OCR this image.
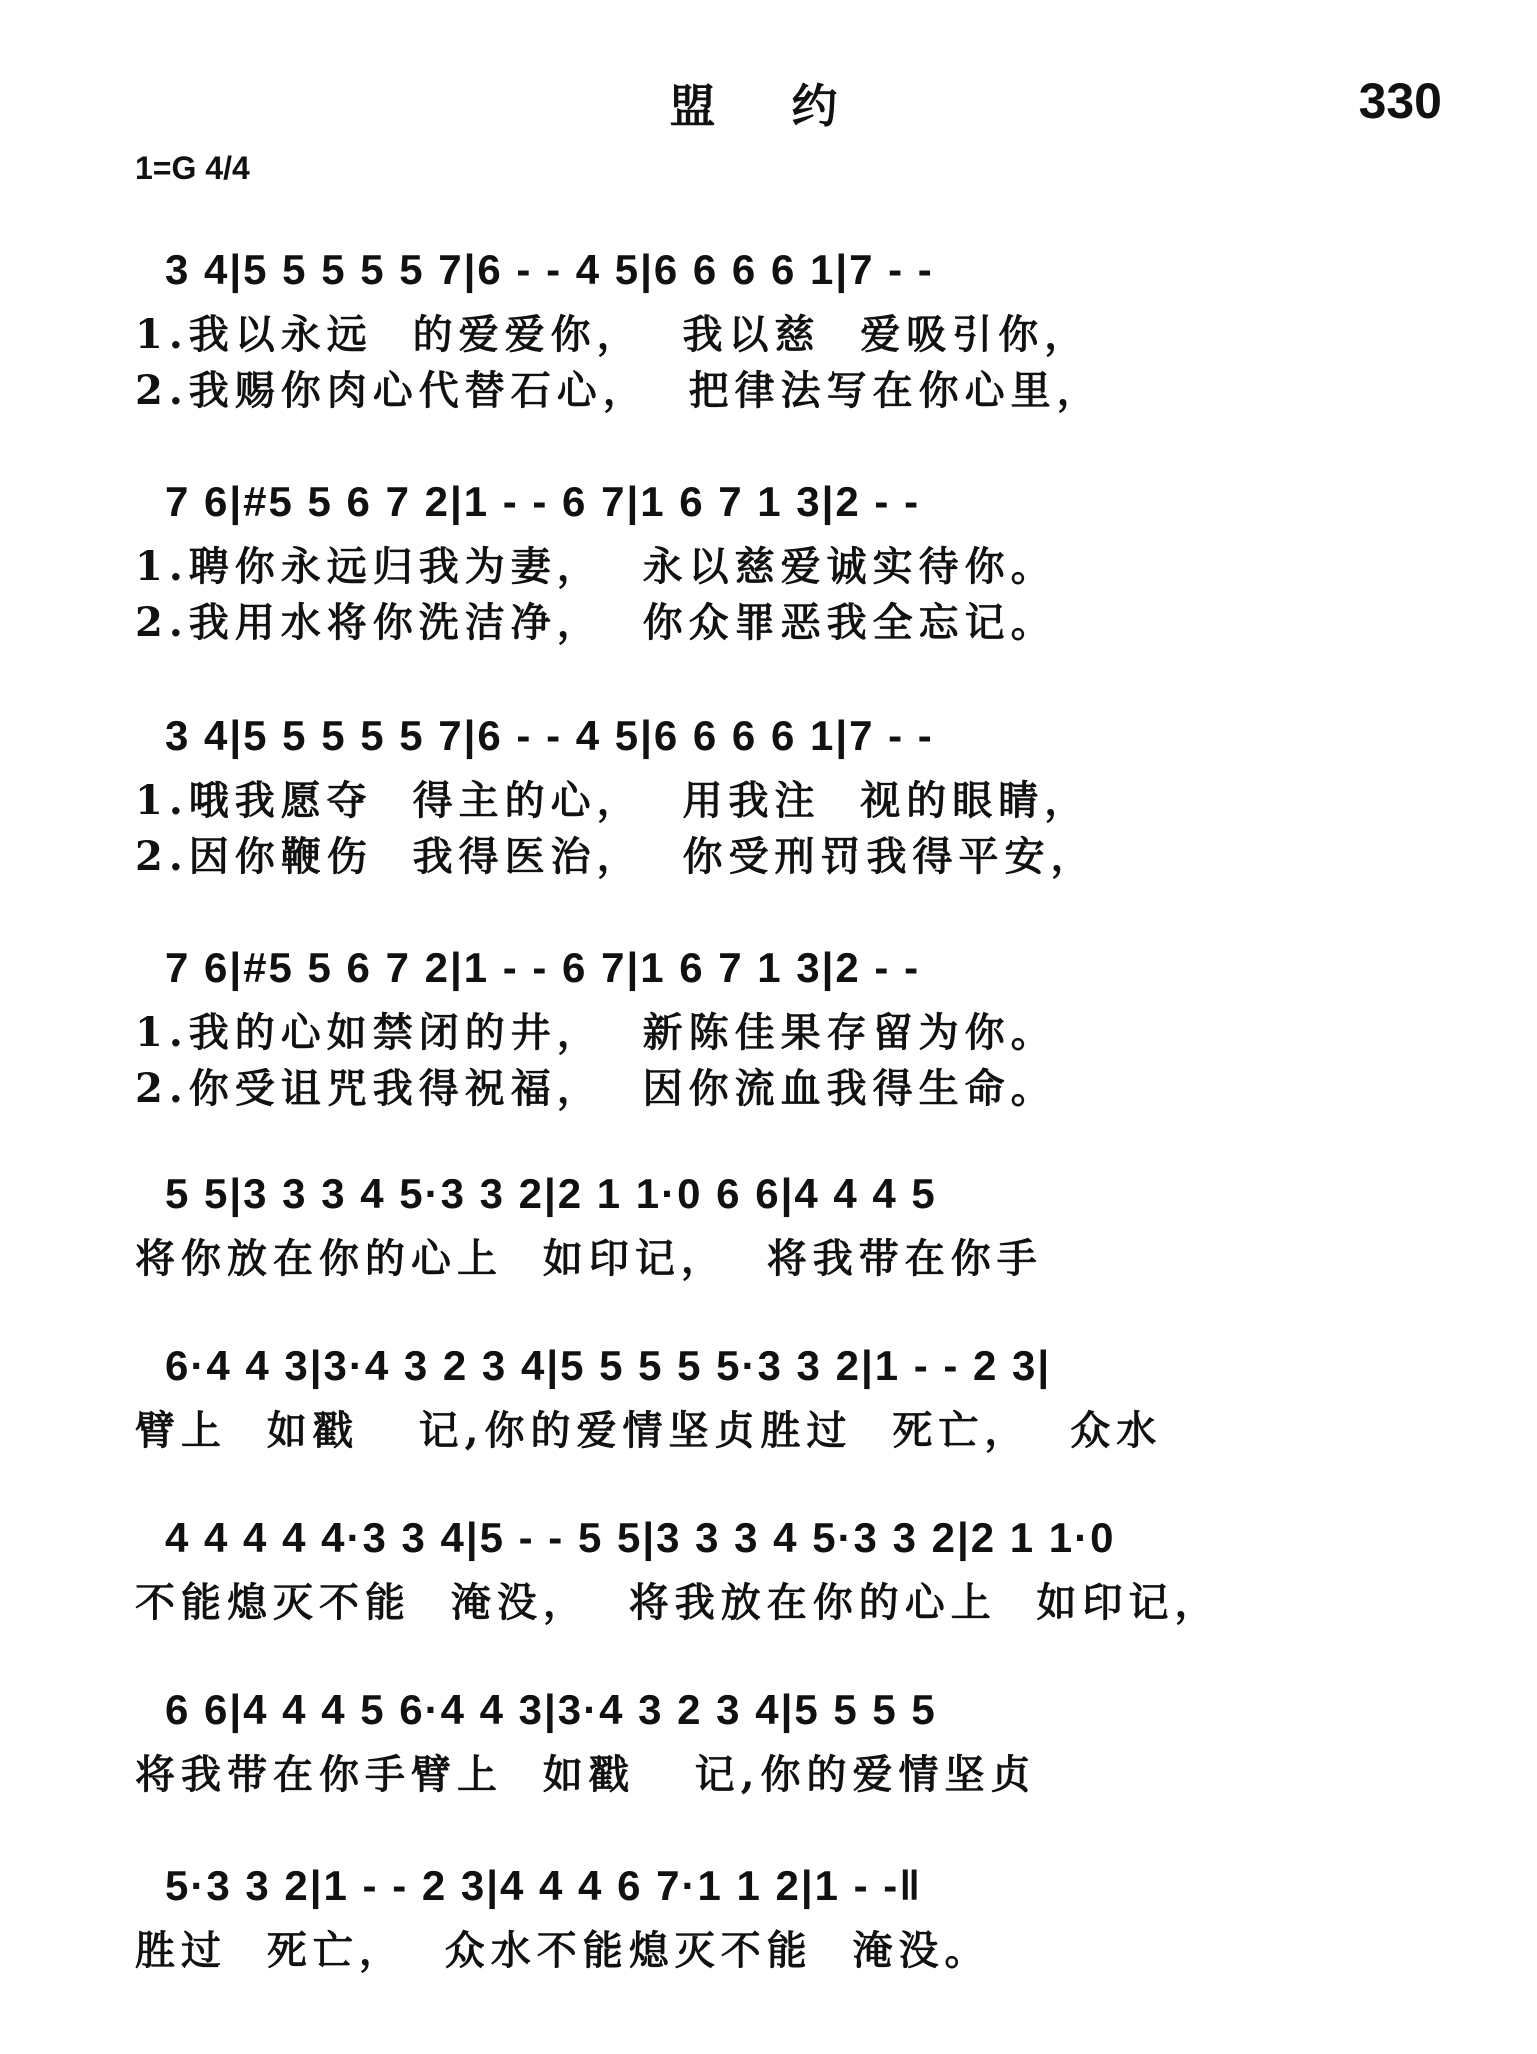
盟 约	330
1=G 4/4
3 4|5 5 5 5 5 7|6 - - 4 5|6 6 6 6 1|7 - -
1.我以永远  的爱爱你，  我以慈  爱吸引你，
2.我赐你肉心代替石心，  把律法写在你心里，
7 6|#5 5 6 7 2|1 - - 6 7|1 6 7 1 3|2 - -
1.聘你永远归我为妻，  永以慈爱诚实待你。
2.我用水将你洗洁净，  你众罪恶我全忘记。
3 4|5 5 5 5 5 7|6 - - 4 5|6 6 6 6 1|7 - -
1.哦我愿夺  得主的心，  用我注  视的眼睛，
2.因你鞭伤  我得医治，  你受刑罚我得平安，
7 6|#5 5 6 7 2|1 - - 6 7|1 6 7 1 3|2 - -
1.我的心如禁闭的井，  新陈佳果存留为你。
2.你受诅咒我得祝福，  因你流血我得生命。
5 5|3 3 3 4 5·3 3 2|2 1 1·0 6 6|4 4 4 5
将你放在你的心上  如印记，  将我带在你手
6·4 4 3|3·4 3 2 3 4|5 5 5 5 5·3 3 2|1 - - 2 3|
臂上  如戳   记,你的爱情坚贞胜过  死亡，  众水
4 4 4 4 4·3 3 4|5 - - 5 5|3 3 3 4 5·3 3 2|2 1 1·0
不能熄灭不能  淹没，  将我放在你的心上  如印记，
6 6|4 4 4 5 6·4 4 3|3·4 3 2 3 4|5 5 5 5
将我带在你手臂上  如戳   记,你的爱情坚贞
5·3 3 2|1 - - 2 3|4 4 4 6 7·1 1 2|1 - -‖
胜过  死亡，  众水不能熄灭不能  淹没。
